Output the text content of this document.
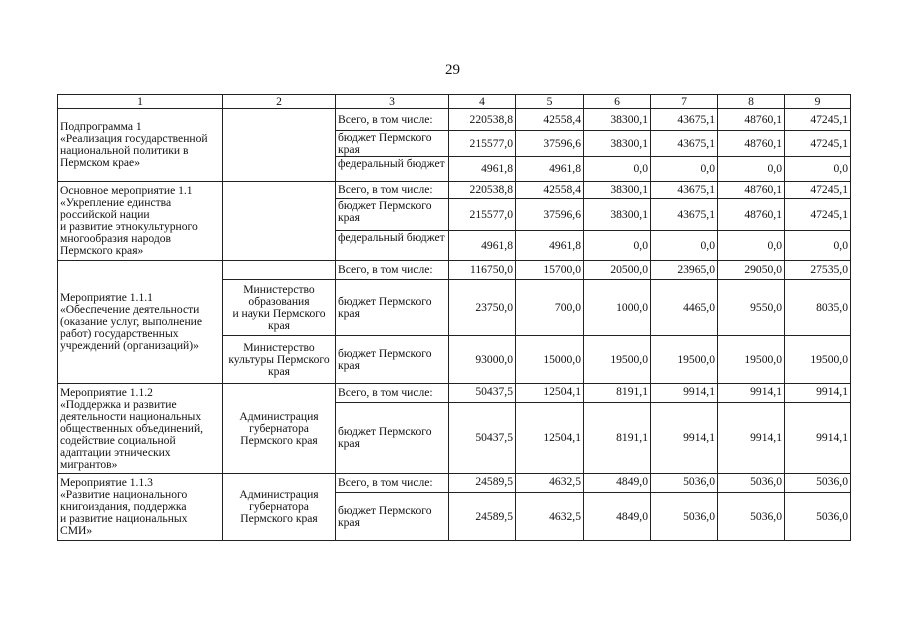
29
1	2	3	4	5	6	7	8	9
Подпрограмма 1
«Реализация государственной национальной политики в Пермском крае»		Всего, в том числе:	220538,8	42558,4	38300,1	43675,1	48760,1	47245,1
		бюджет Пермского края	215577,0	37596,6	38300,1	43675,1	48760,1	47245,1
		федеральный бюджет	4961,8	4961,8	0,0	0,0	0,0	0,0
Основное мероприятие 1.1
«Укрепление единства российской нации
и развитие этнокультурного многообразия народов Пермского края»		Всего, в том числе:	220538,8	42558,4	38300,1	43675,1	48760,1	47245,1
		бюджет Пермского края	215577,0	37596,6	38300,1	43675,1	48760,1	47245,1
		федеральный бюджет	4961,8	4961,8	0,0	0,0	0,0	0,0
Мероприятие 1.1.1
«Обеспечение деятельности (оказание услуг, выполнение работ) государственных учреждений (организаций)»		Всего, в том числе:	116750,0	15700,0	20500,0	23965,0	29050,0	27535,0
	Министерство образования
и науки Пермского края	бюджет Пермского края	23750,0	700,0	1000,0	4465,0	9550,0	8035,0
	Министерство культуры Пермского края	бюджет Пермского края	93000,0	15000,0	19500,0	19500,0	19500,0	19500,0
Мероприятие 1.1.2
«Поддержка и развитие деятельности национальных общественных объединений, содействие социальной адаптации этнических мигрантов»	Администрация губернатора Пермского края	Всего, в том числе:	50437,5	12504,1	8191,1	9914,1	9914,1	9914,1
		бюджет Пермского края	50437,5	12504,1	8191,1	9914,1	9914,1	9914,1
Мероприятие 1.1.3
«Развитие национального книгоиздания, поддержка
и развитие национальных СМИ»	Администрация губернатора Пермского края	Всего, в том числе:	24589,5	4632,5	4849,0	5036,0	5036,0	5036,0
		бюджет Пермского края	24589,5	4632,5	4849,0	5036,0	5036,0	5036,0
